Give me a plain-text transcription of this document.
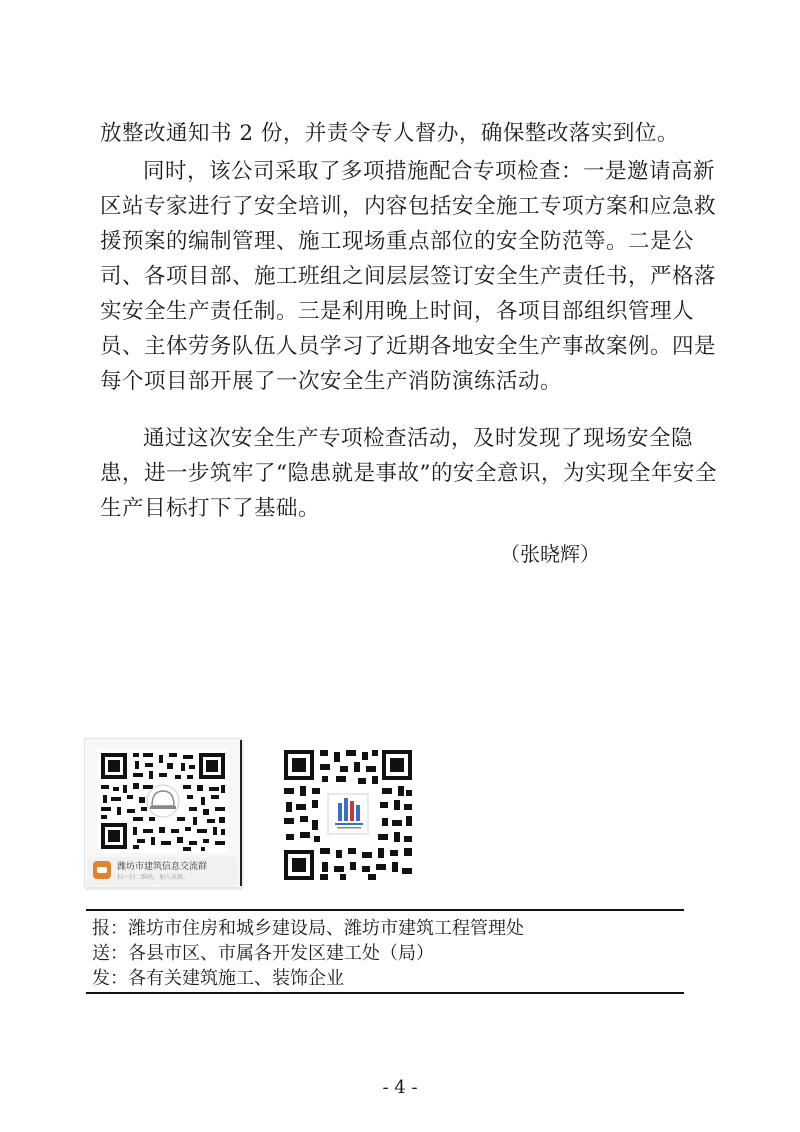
放整改通知书 2 份，并责令专人督办，确保整改落实到位。
同时，该公司采取了多项措施配合专项检查：一是邀请高新
区站专家进行了安全培训，内容包括安全施工专项方案和应急救
援预案的编制管理、施工现场重点部位的安全防范等。二是公
司、各项目部、施工班组之间层层签订安全生产责任书，严格落
实安全生产责任制。三是利用晚上时间，各项目部组织管理人
员、主体劳务队伍人员学习了近期各地安全生产事故案例。四是
每个项目部开展了一次安全生产消防演练活动。
通过这次安全生产专项检查活动，及时发现了现场安全隐
患，进一步筑牢了“隐患就是事故”的安全意识，为实现全年安全
生产目标打下了基础。
（张晓辉）
潍坊市建筑信息交流群
扫一扫二维码，加入该群。
报：潍坊市住房和城乡建设局、潍坊市建筑工程管理处
送：各县市区、市属各开发区建工处（局）
发：各有关建筑施工、装饰企业
- 4 -
